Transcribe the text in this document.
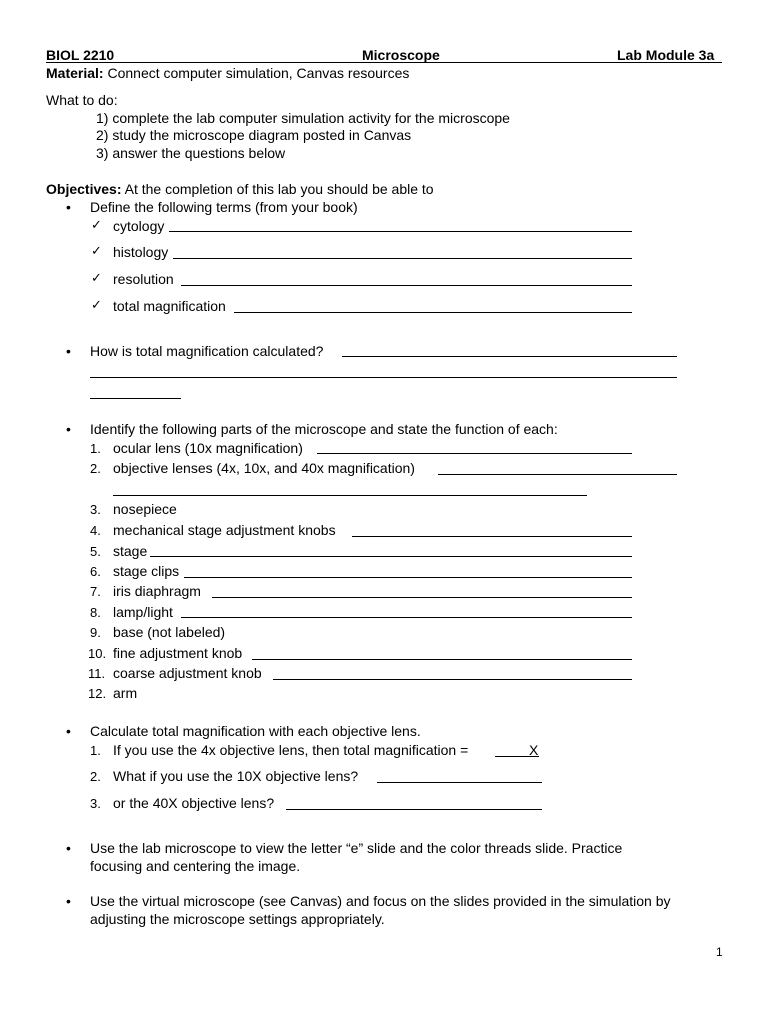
BIOL 2210	Microscope	Lab Module 3a
Material: Connect computer simulation, Canvas resources
What to do:
1) complete the lab computer simulation activity for the microscope
2) study the microscope diagram posted in Canvas
3) answer the questions below
Objectives: At the completion of this lab you should be able to
• Define the following terms (from your book)
✓ cytology
✓ histology
✓ resolution
✓ total magnification
• How is total magnification calculated?
• Identify the following parts of the microscope and state the function of each:
1. ocular lens (10x magnification)
2. objective lenses (4x, 10x, and 40x magnification)
3. nosepiece
4. mechanical stage adjustment knobs
5. stage
6. stage clips
7. iris diaphragm
8. lamp/light
9. base (not labeled)
10. fine adjustment knob
11. coarse adjustment knob
12. arm
• Calculate total magnification with each objective lens.
1. If you use the 4x objective lens, then total magnification =	X
2. What if you use the 10X objective lens?
3. or the 40X objective lens?
• Use the lab microscope to view the letter “e” slide and the color threads slide. Practice
focusing and centering the image.
• Use the virtual microscope (see Canvas) and focus on the slides provided in the simulation by
adjusting the microscope settings appropriately.
1
